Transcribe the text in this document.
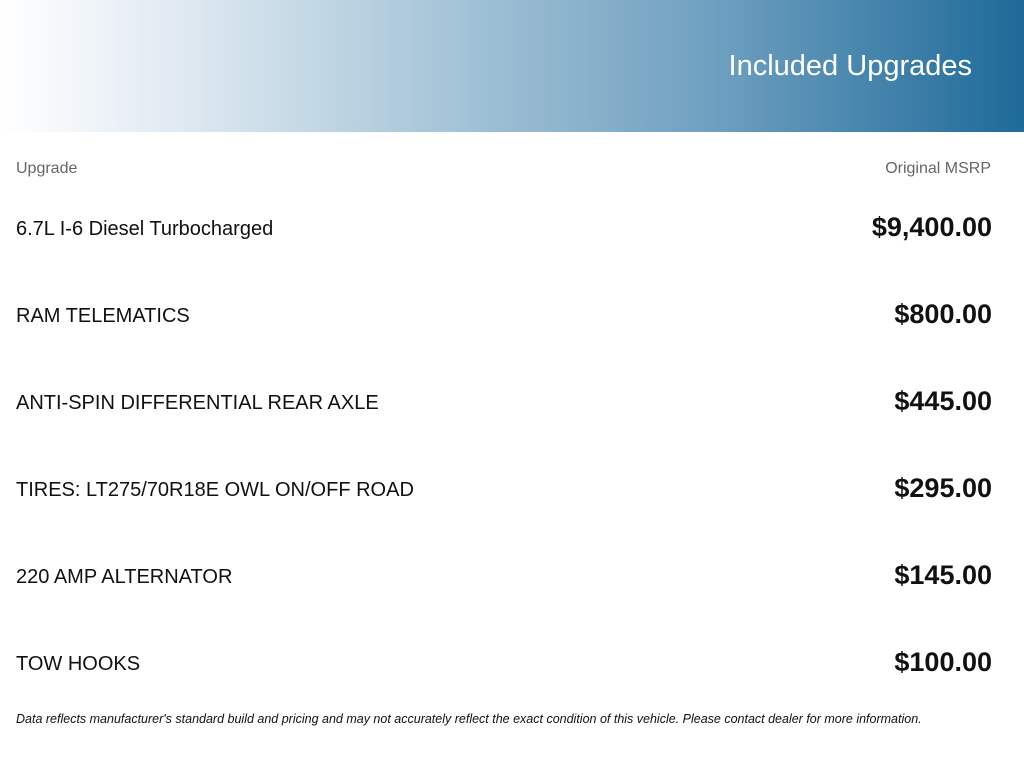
Included Upgrades
Upgrade	Original MSRP
6.7L I-6 Diesel Turbocharged	$9,400.00
RAM TELEMATICS	$800.00
ANTI-SPIN DIFFERENTIAL REAR AXLE	$445.00
TIRES: LT275/70R18E OWL ON/OFF ROAD	$295.00
220 AMP ALTERNATOR	$145.00
TOW HOOKS	$100.00
Data reflects manufacturer's standard build and pricing and may not accurately reflect the exact condition of this vehicle. Please contact dealer for more information.
